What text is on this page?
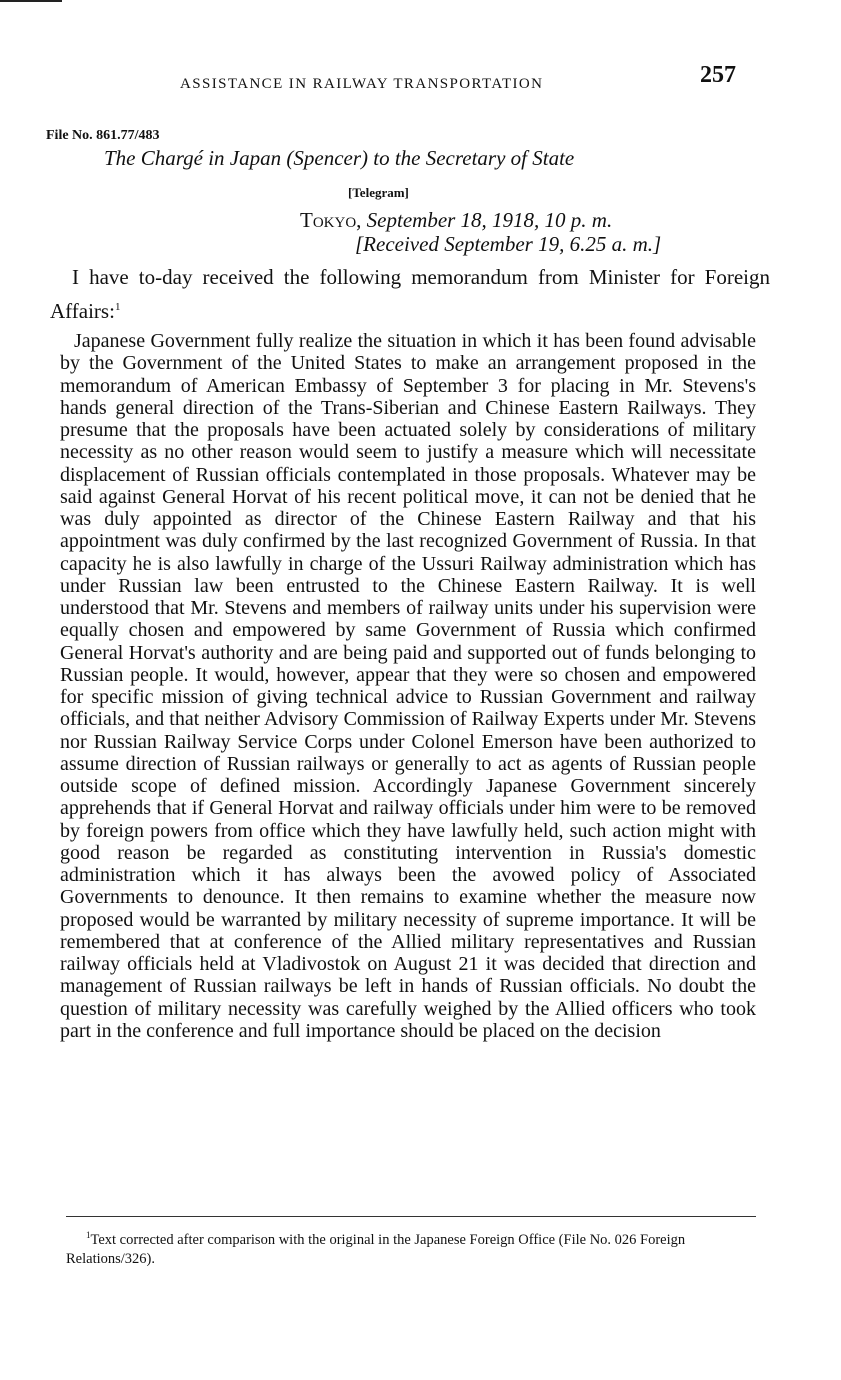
ASSISTANCE IN RAILWAY TRANSPORTATION	257
File No. 861.77/483
The Chargé in Japan (Spencer) to the Secretary of State
[Telegram]
Tokyo, September 18, 1918, 10 p. m.
[Received September 19, 6.25 a. m.]
I have to-day received the following memorandum from Minister for Foreign Affairs:$^1$
Japanese Government fully realize the situation in which it has been found advisable by the Government of the United States to make an arrangement proposed in the memorandum of American Embassy of September 3 for placing in Mr. Stevens's hands general direction of the Trans-Siberian and Chinese Eastern Railways. They presume that the proposals have been actuated solely by considerations of military necessity as no other reason would seem to justify a measure which will necessitate displacement of Russian officials contemplated in those proposals. Whatever may be said against General Horvat of his recent political move, it can not be denied that he was duly appointed as director of the Chinese Eastern Railway and that his appointment was duly confirmed by the last recognized Government of Russia. In that capacity he is also lawfully in charge of the Ussuri Railway administration which has under Russian law been entrusted to the Chinese Eastern Railway. It is well understood that Mr. Stevens and members of railway units under his supervision were equally chosen and empowered by same Government of Russia which confirmed General Horvat's authority and are being paid and supported out of funds belonging to Russian people. It would, however, appear that they were so chosen and empowered for specific mission of giving technical advice to Russian Government and railway officials, and that neither Advisory Commission of Railway Experts under Mr. Stevens nor Russian Railway Service Corps under Colonel Emerson have been authorized to assume direction of Russian railways or generally to act as agents of Russian people outside scope of defined mission. Accordingly Japanese Government sincerely apprehends that if General Horvat and railway officials under him were to be removed by foreign powers from office which they have lawfully held, such action might with good reason be regarded as constituting intervention in Russia's domestic administration which it has always been the avowed policy of Associated Governments to denounce. It then remains to examine whether the measure now proposed would be warranted by military necessity of supreme importance. It will be remembered that at conference of the Allied military representatives and Russian railway officials held at Vladivostok on August 21 it was decided that direction and management of Russian railways be left in hands of Russian officials. No doubt the question of military necessity was carefully weighed by the Allied officers who took part in the conference and full importance should be placed on the decision
$^1$Text corrected after comparison with the original in the Japanese Foreign Office (File No. 026 Foreign Relations/326).
